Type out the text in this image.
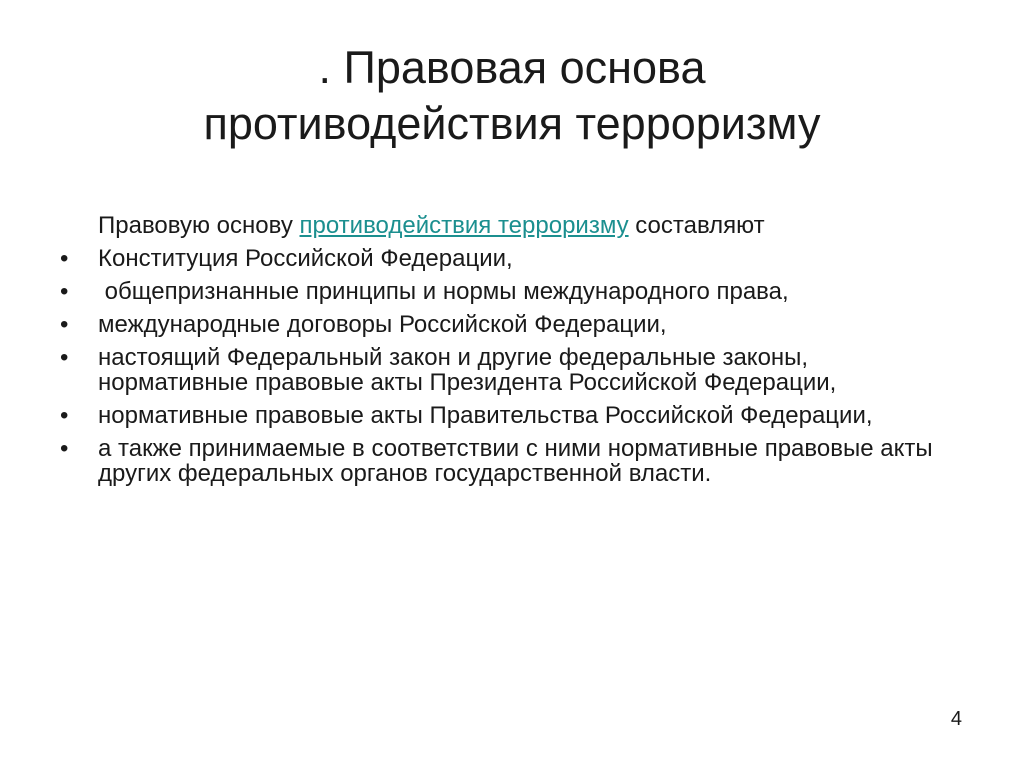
. Правовая основа
противодействия терроризму

Правовую основу противодействия терроризму составляют

•	Конституция Российской Федерации,
•	общепризнанные принципы и нормы международного права,
•	международные договоры Российской Федерации,
•	настоящий Федеральный закон и другие федеральные законы, нормативные правовые акты Президента Российской Федерации,
•	нормативные правовые акты Правительства Российской Федерации,
•	а также принимаемые в соответствии с ними нормативные правовые акты других федеральных органов государственной власти.
4
